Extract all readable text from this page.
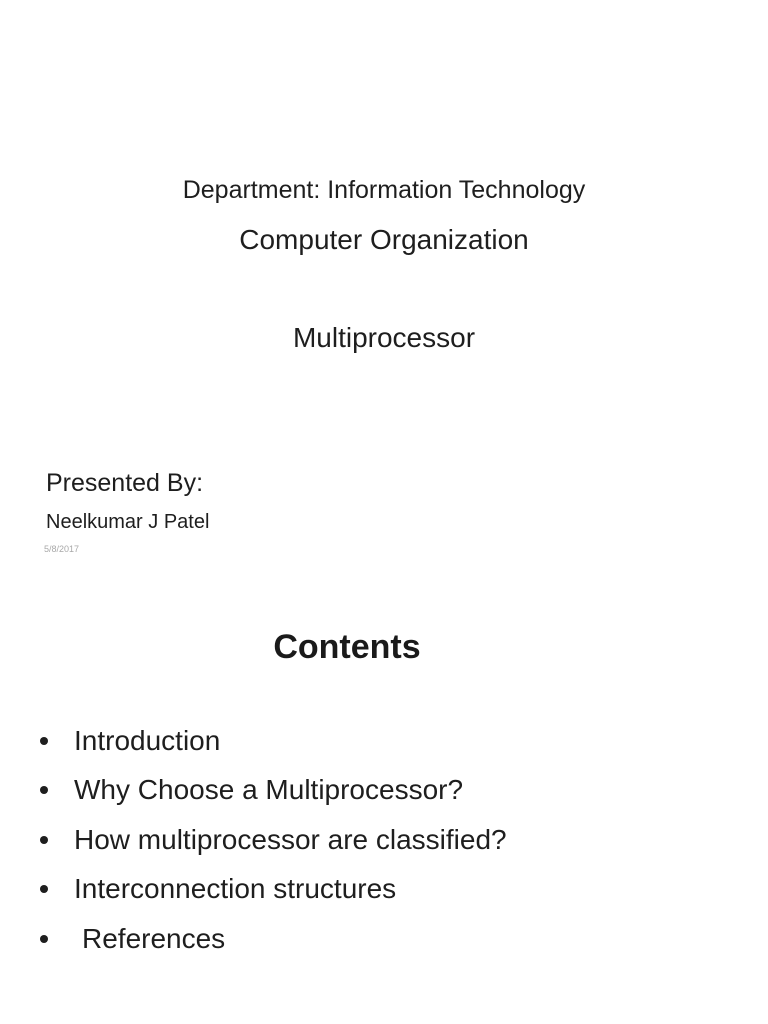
Department: Information Technology
Computer Organization
Multiprocessor
Presented By:
Neelkumar J Patel
5/8/2017
Contents
Introduction
Why Choose a Multiprocessor?
How multiprocessor are classified?
Interconnection structures
References
